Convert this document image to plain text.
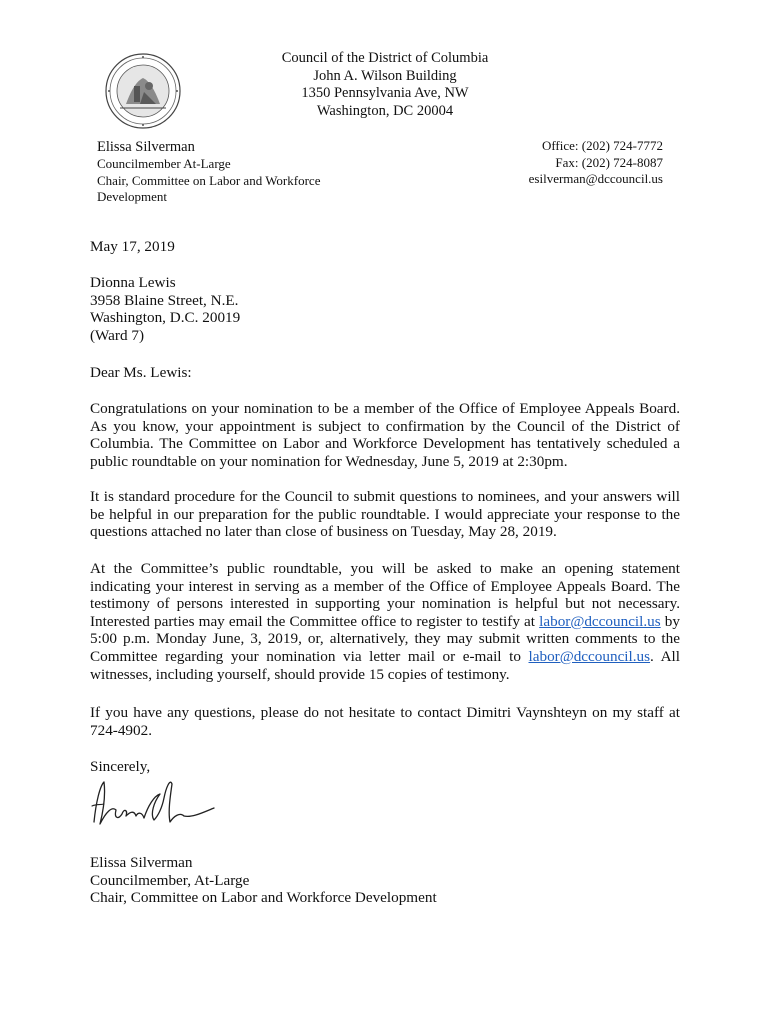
Council of the District of Columbia
John A. Wilson Building
1350 Pennsylvania Ave, NW
Washington, DC 20004
Elissa Silverman
Councilmember At-Large
Chair, Committee on Labor and Workforce
Development
Office: (202) 724-7772
Fax: (202) 724-8087
esilverman@dccouncil.us
May 17, 2019
Dionna Lewis
3958 Blaine Street, N.E.
Washington, D.C. 20019
(Ward 7)
Dear Ms. Lewis:
Congratulations on your nomination to be a member of the Office of Employee Appeals Board. As you know, your appointment is subject to confirmation by the Council of the District of Columbia. The Committee on Labor and Workforce Development has tentatively scheduled a public roundtable on your nomination for Wednesday, June 5, 2019 at 2:30pm.
It is standard procedure for the Council to submit questions to nominees, and your answers will be helpful in our preparation for the public roundtable. I would appreciate your response to the questions attached no later than close of business on Tuesday, May 28, 2019.
At the Committee’s public roundtable, you will be asked to make an opening statement indicating your interest in serving as a member of the Office of Employee Appeals Board. The testimony of persons interested in supporting your nomination is helpful but not necessary. Interested parties may email the Committee office to register to testify at labor@dccouncil.us by 5:00 p.m. Monday June, 3, 2019, or, alternatively, they may submit written comments to the Committee regarding your nomination via letter mail or e-mail to labor@dccouncil.us. All witnesses, including yourself, should provide 15 copies of testimony.
If you have any questions, please do not hesitate to contact Dimitri Vaynshteyn on my staff at 724-4902.
Sincerely,
Elissa Silverman
Councilmember, At-Large
Chair, Committee on Labor and Workforce Development
